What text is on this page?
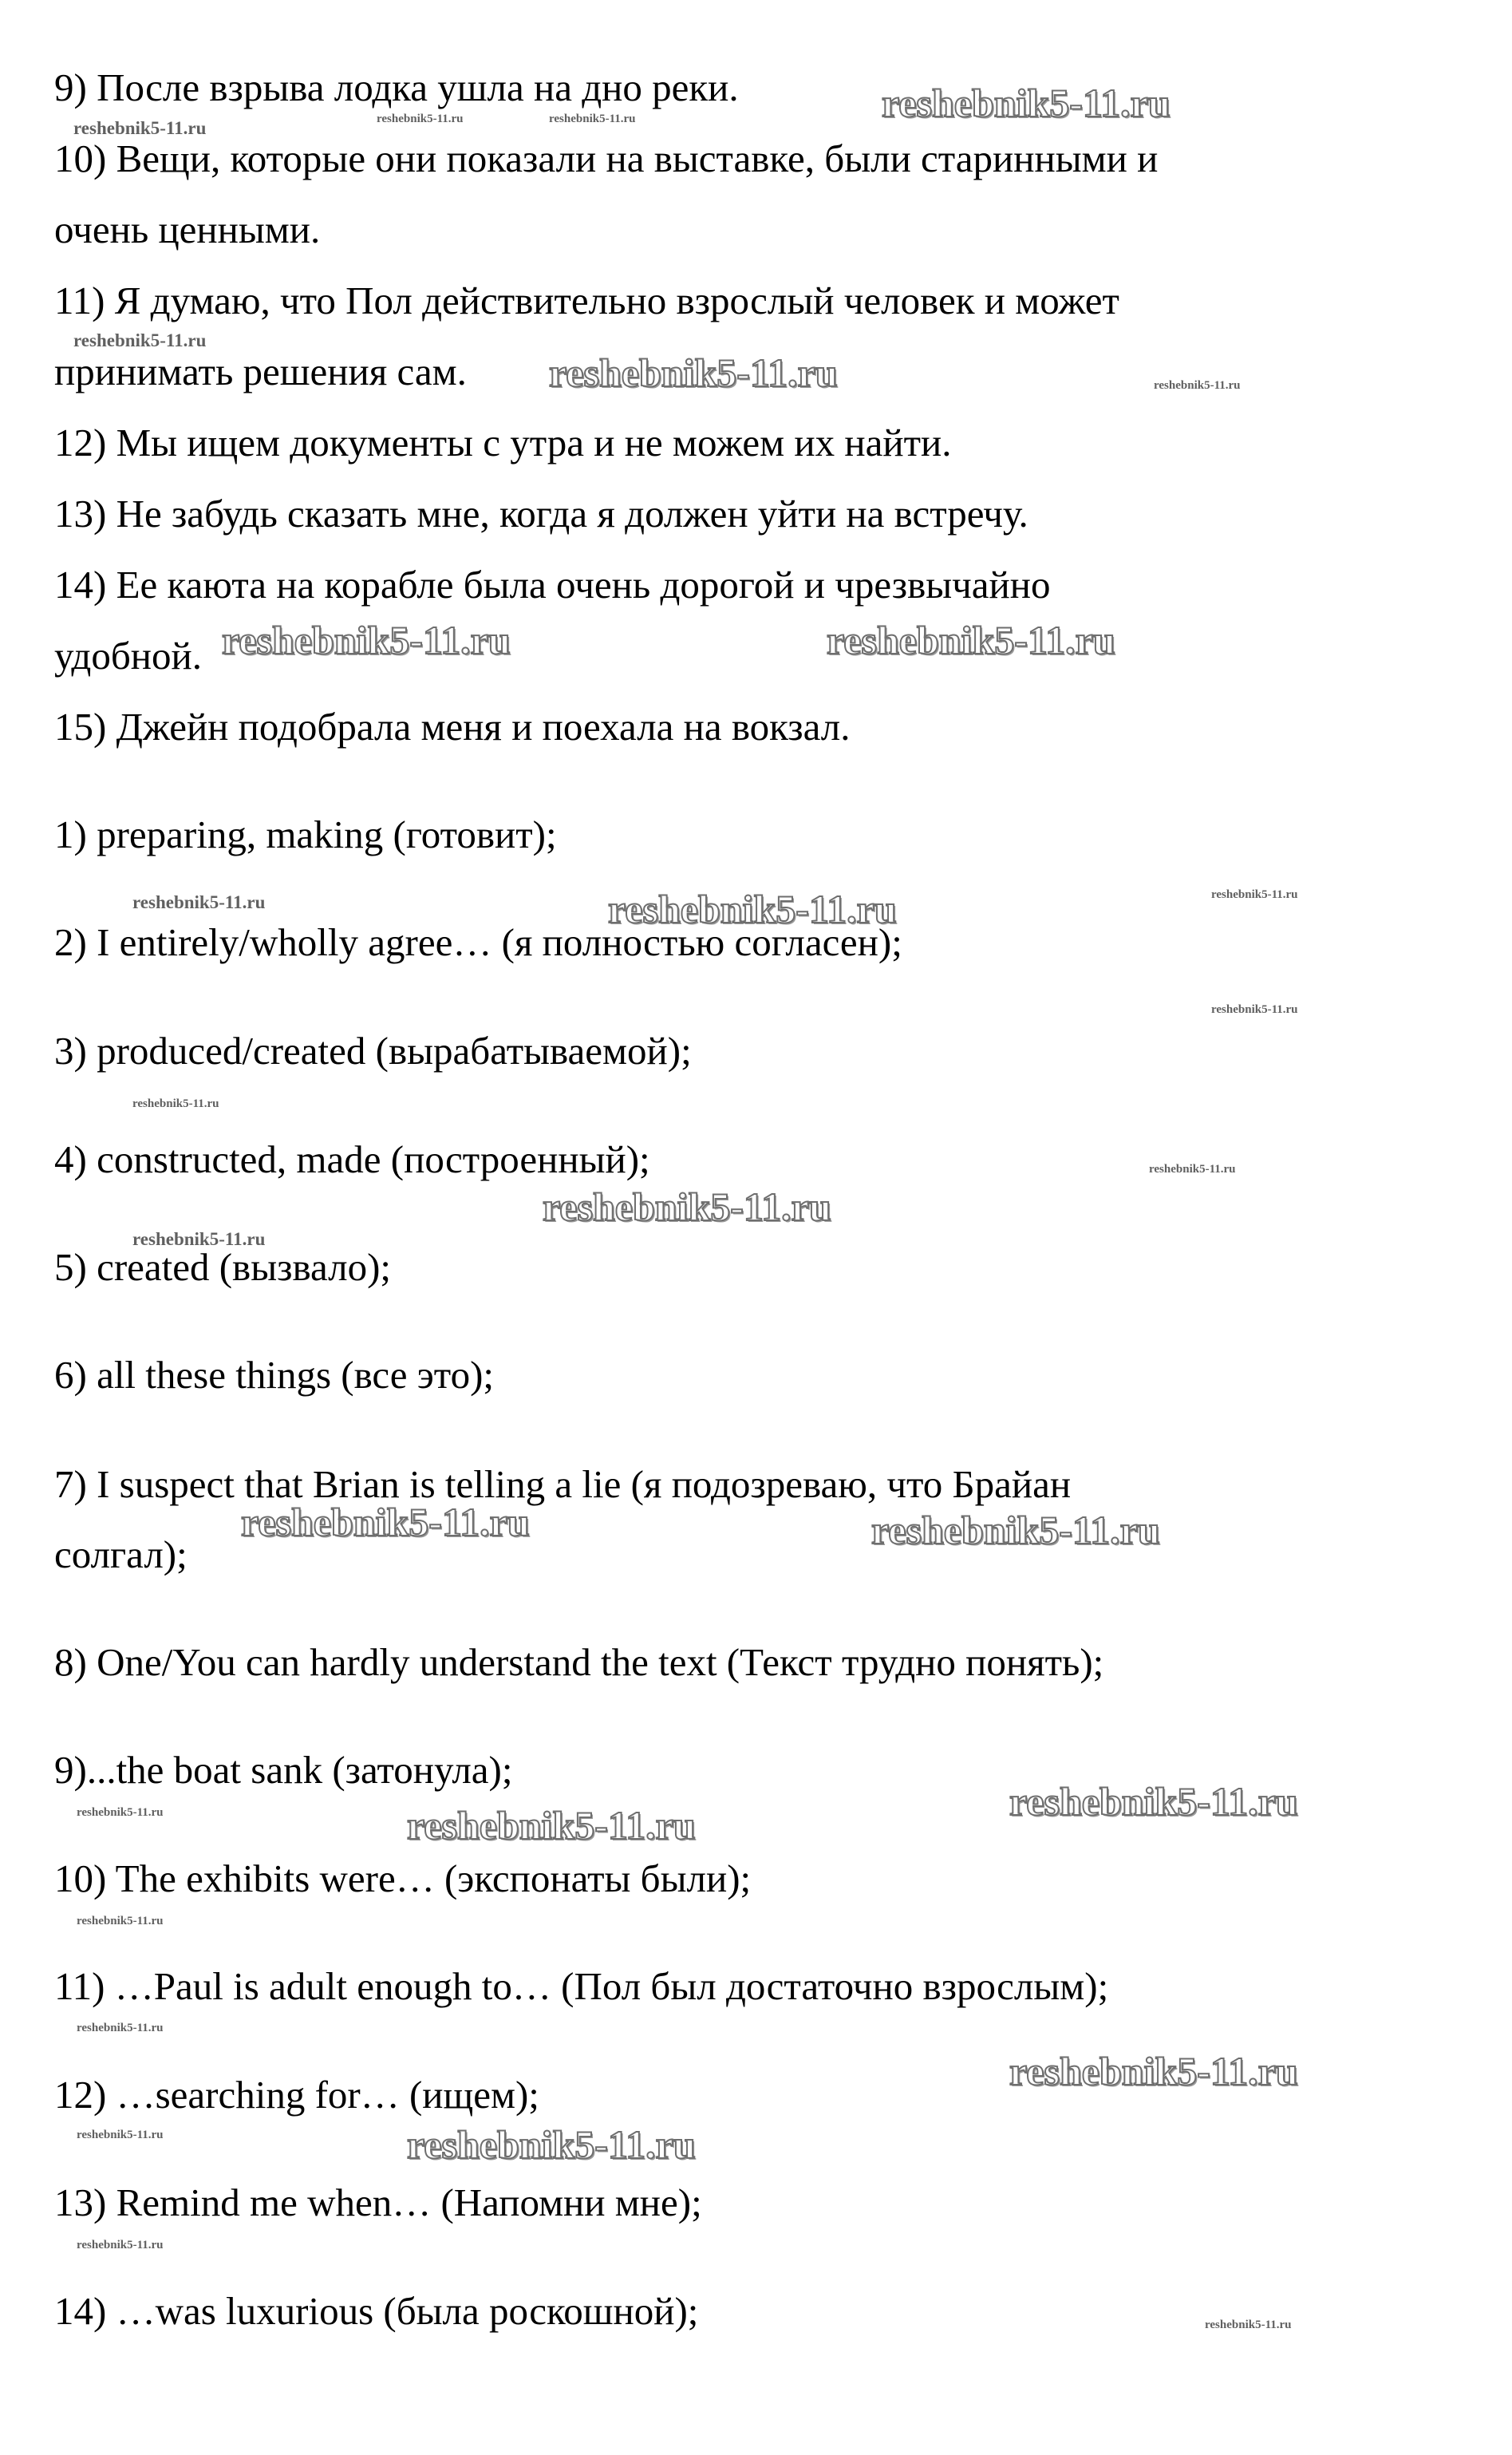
9) После взрыва лодка ушла на дно реки.
10) Вещи, которые они показали на выставке, были старинными и
очень ценными.
11) Я думаю, что Пол действительно взрослый человек и может
принимать решения сам.
12) Мы ищем документы с утра и не можем их найти.
13) Не забудь сказать мне, когда я должен уйти на встречу.
14) Ее каюта на корабле была очень дорогой и чрезвычайно
удобной.
15) Джейн подобрала меня и поехала на вокзал.
1) preparing, making (готовит);
2) I entirely/wholly agree… (я полностью согласен);
3) produced/created (вырабатываемой);
4) constructed, made (построенный);
5) created (вызвало);
6) all these things (все это);
7) I suspect that Brian is telling a lie (я подозреваю, что Брайан
солгал);
8) One/You can hardly understand the text (Текст трудно понять);
9)...the boat sank (затонула);
10) The exhibits were… (экспонаты были);
11) …Paul is adult enough to… (Пол был достаточно взрослым);
12) …searching for… (ищем);
13) Remind me when… (Напомни мне);
14) …was luxurious (была роскошной);
reshebnik5-11.ru
reshebnik5-11.ru
reshebnik5-11.ru	reshebnik5-11.ru
reshebnik5-11.ru
reshebnik5-11.ru
reshebnik5-11.ru	reshebnik5-11.ru
reshebnik5-11.ru
reshebnik5-11.ru
reshebnik5-11.ru
reshebnik5-11.ru
reshebnik5-11.ru
reshebnik5-11.ru
reshebnik5-11.ru
reshebnik5-11.ru
reshebnik5-11.ru	reshebnik5-11.ru
reshebnik5-11.ru
reshebnik5-11.ru
reshebnik5-11.ru
reshebnik5-11.ru
reshebnik5-11.ru
reshebnik5-11.ru
reshebnik5-11.ru
reshebnik5-11.ru
reshebnik5-11.ru
reshebnik5-11.ru
reshebnik5-11.ru
